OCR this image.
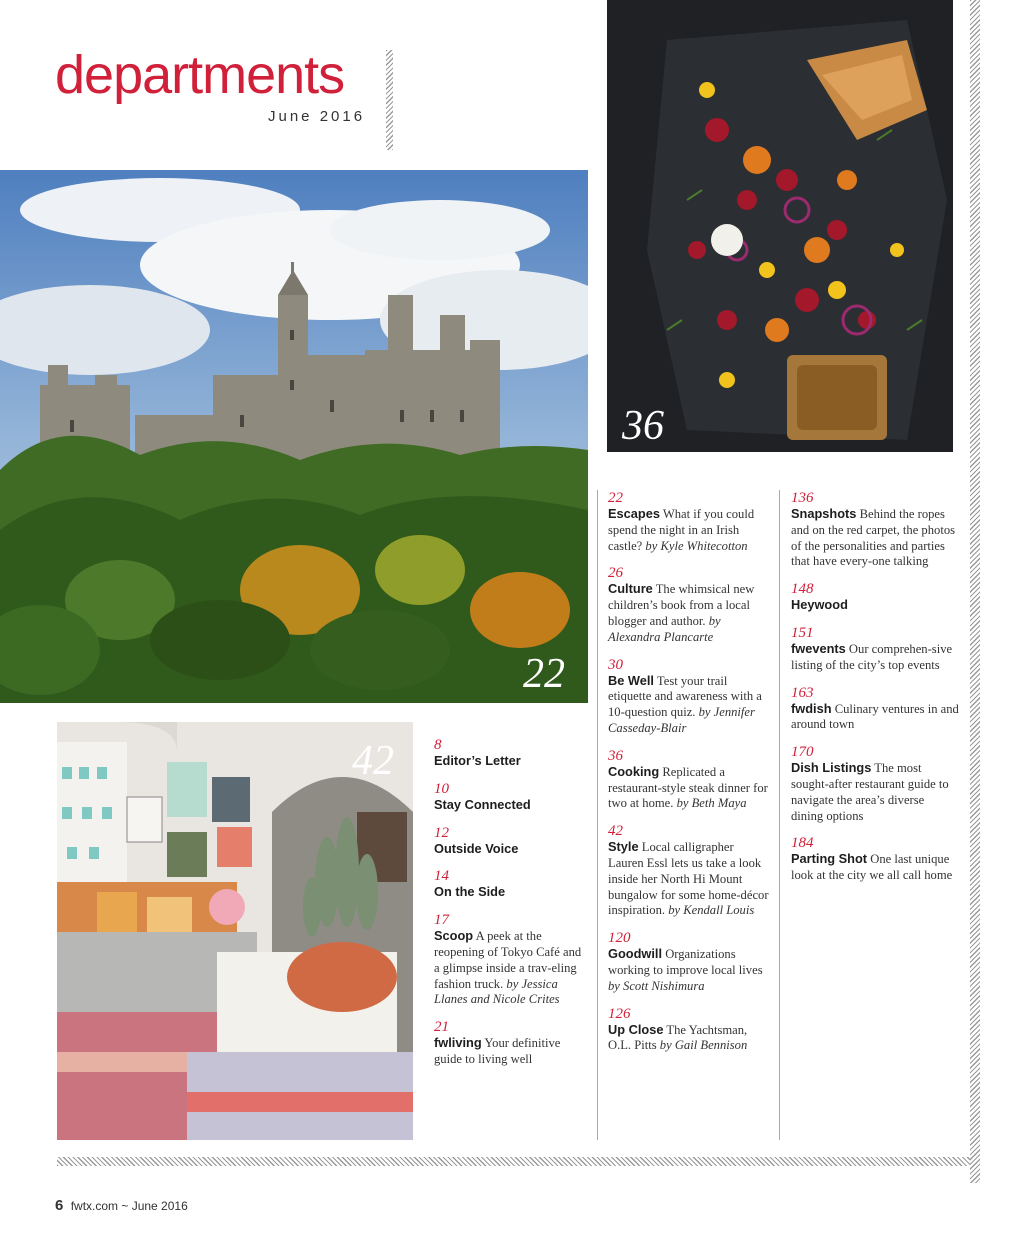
departments
June 2016
22
36
42	8
Editor’s Letter
10
Stay Connected
12
Outside Voice
14
On the Side
17
Scoop A peek at the reopening of Tokyo Café and a glimpse inside a trav-eling fashion truck. by Jessica Llanes and Nicole Crites
21
fwliving Your definitive guide to living well
22
Escapes What if you could spend the night in an Irish castle? by Kyle Whitecotton
26
Culture The whimsical new children’s book from a local blogger and author. by Alexandra Plancarte
30
Be Well Test your trail etiquette and awareness with a 10-question quiz. by Jennifer Casseday-Blair
36
Cooking Replicated a restaurant-style steak dinner for two at home. by Beth Maya
42
Style Local calligrapher Lauren Essl lets us take a look inside her North Hi Mount bungalow for some home-décor inspiration. by Kendall Louis
120
Goodwill Organizations working to improve local lives by Scott Nishimura
126
Up Close The Yachtsman, O.L. Pitts by Gail Bennison
136
Snapshots Behind the ropes and on the red carpet, the photos of the personalities and parties that have every-one talking
148
Heywood
151
fwevents Our comprehen-sive listing of the city’s top events
163
fwdish Culinary ventures in and around town
170
Dish Listings The most sought-after restaurant guide to navigate the area’s diverse dining options
184
Parting Shot One last unique look at the city we all call home
6 fwtx.com ~ June 2016
